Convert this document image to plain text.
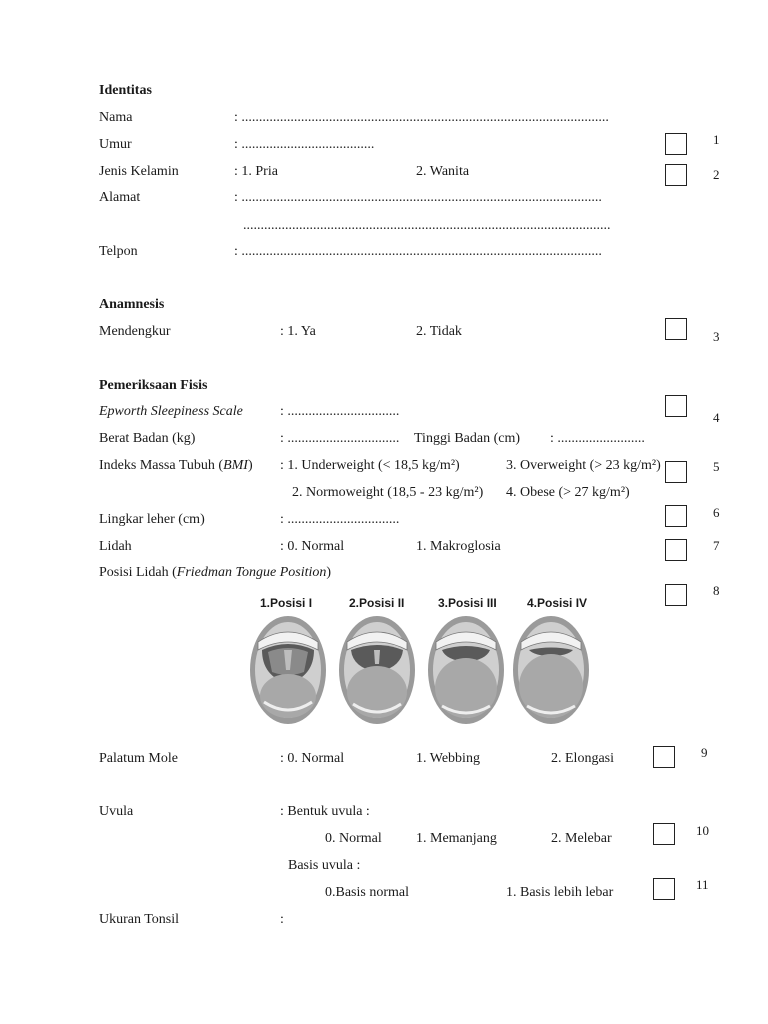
Identitas
Nama	: .........................................................................................................
Umur	: ......................................
Jenis Kelamin	: 1. Pria	2. Wanita
Alamat	: .......................................................................................................
.........................................................................................................
Telpon	: .......................................................................................................
Anamnesis
Mendengkur	: 1. Ya	2. Tidak
Pemeriksaan Fisis
Epworth Sleepiness Scale	: ................................
Berat Badan (kg)	: ................................ Tinggi Badan (cm) : .........................
Indeks Massa Tubuh (BMI) : 1. Underweight (< 18,5 kg/m²)	3. Overweight (> 23 kg/m²)
2. Normoweight (18,5 - 23 kg/m²) 4. Obese (> 27 kg/m²)
Lingkar leher (cm)	: ................................
Lidah	: 0. Normal	1. Makroglosia
Posisi Lidah (Friedman Tongue Position)
1.Posisi I	2.Posisi II	3.Posisi III	4.Posisi IV
Palatum Mole	: 0. Normal	1. Webbing	2. Elongasi
Uvula	: Bentuk uvula :
0. Normal 1. Memanjang	2. Melebar
Basis uvula :
0.Basis normal	1. Basis lebih lebar
Ukuran Tonsil	:
1
2
3
4
5
6
7
8
9
10
11
